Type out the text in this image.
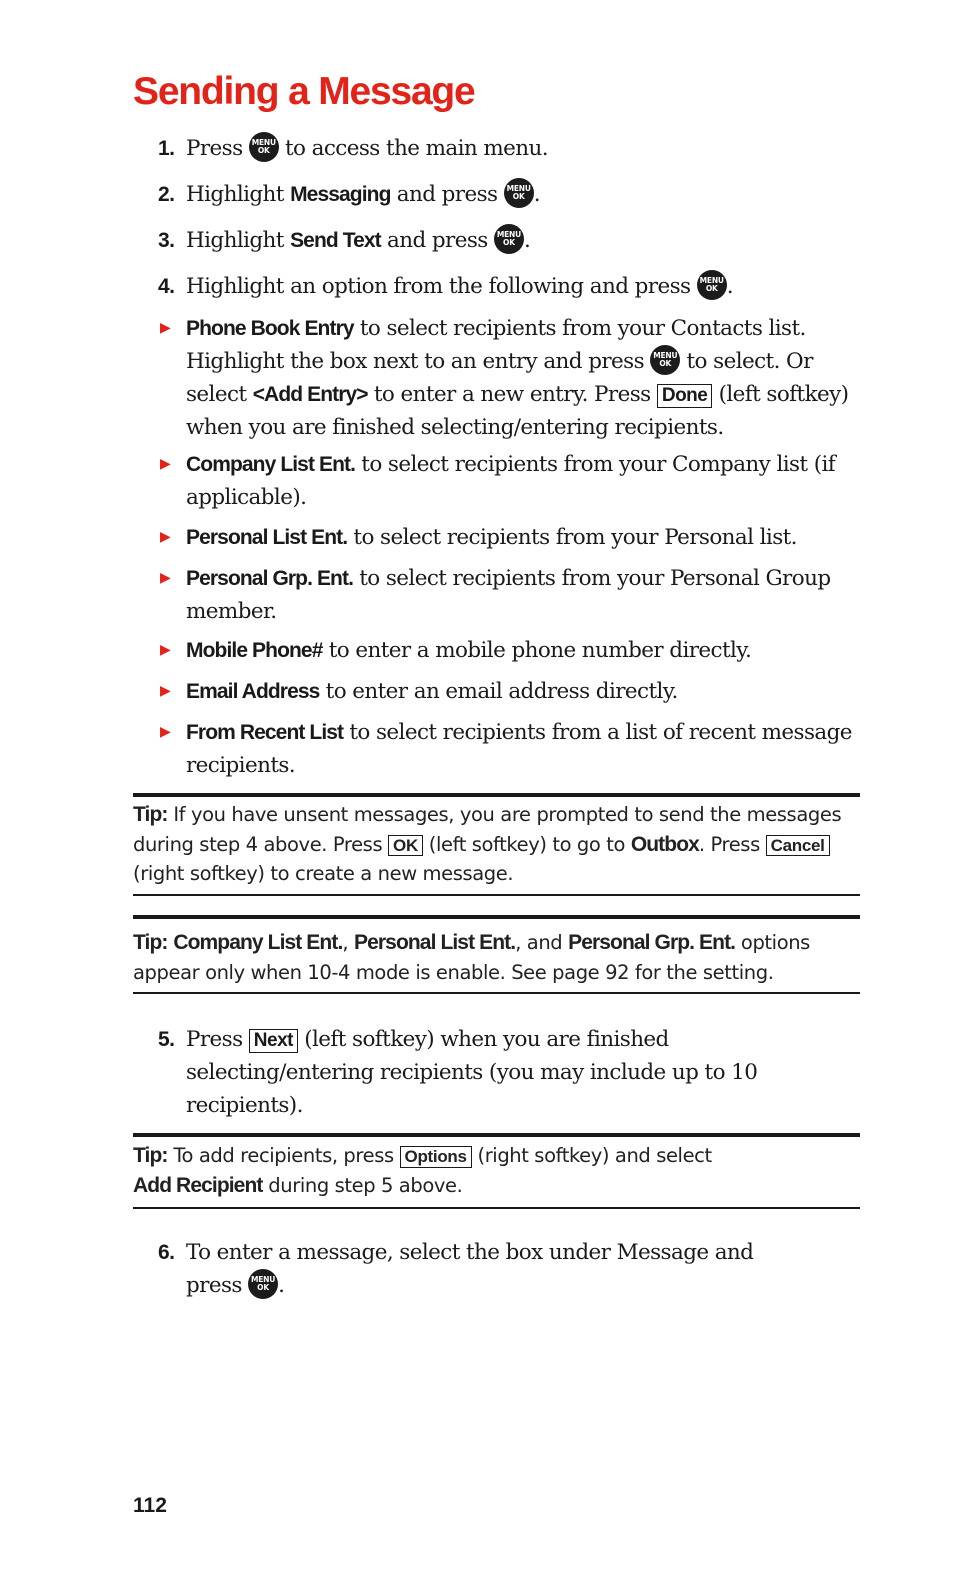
Sending a Message
1. Press	MENU
OK to access the main menu.
2. Highlight Messaging and press	MENU
OK .
3. Highlight Send Text and press	MENU
OK .
4. Highlight an option from the following and press	MENU
OK .
▶ Phone Book Entry to select recipients from your Contacts list. Highlight the box next to an entry and press	MENU
OK to select. Or select <Add Entry> to enter a new entry. Press Done (left softkey) when you are finished selecting/entering recipients.
▶ Company List Ent. to select recipients from your Company list (if applicable).
▶ Personal List Ent. to select recipients from your Personal list.
▶ Personal Grp. Ent. to select recipients from your Personal Group member.
▶ Mobile Phone# to enter a mobile phone number directly.
▶ Email Address to enter an email address directly.
▶ From Recent List to select recipients from a list of recent message recipients.
Tip: If you have unsent messages, you are prompted to send the messages during step 4 above. Press OK (left softkey) to go to Outbox. Press Cancel (right softkey) to create a new message.
Tip: Company List Ent., Personal List Ent., and Personal Grp. Ent. options appear only when 10-4 mode is enable. See page 92 for the setting.
5. Press Next (left softkey) when you are finished selecting/entering recipients (you may include up to 10 recipients).
Tip: To add recipients, press Options (right softkey) and select
Add Recipient during step 5 above.
6. To enter a message, select the box under Message and press	MENU
OK .
112
